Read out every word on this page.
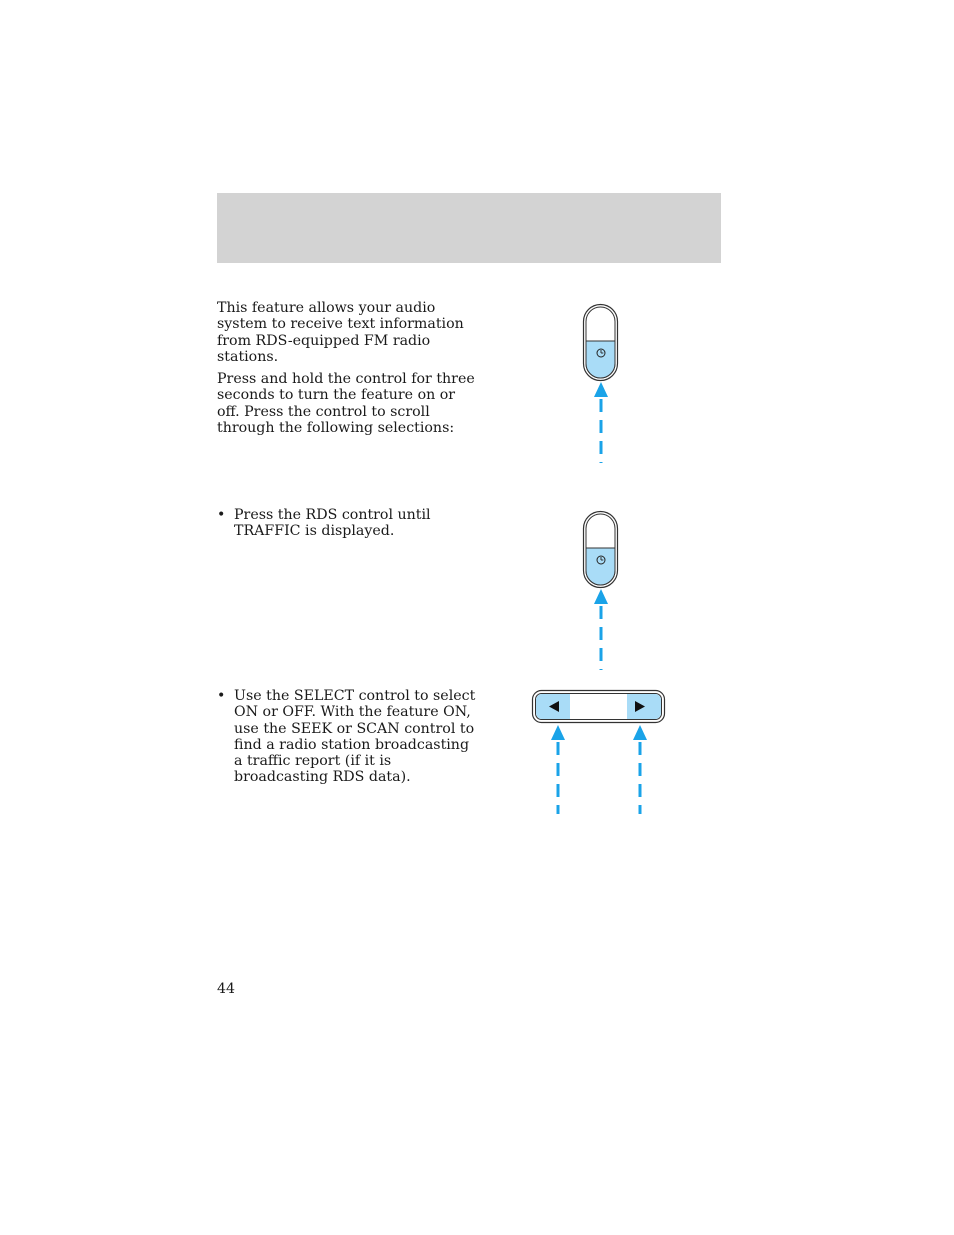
This feature allows your audio system to receive text information from RDS-equipped FM radio stations.

Press and hold the control for three seconds to turn the feature on or off. Press the control to scroll through the following selections:

• Press the RDS control until TRAFFIC is displayed.
• Use the SELECT control to select ON or OFF. With the feature ON, use the SEEK or SCAN control to find a radio station broadcasting a traffic report (if it is broadcasting RDS data).
44
